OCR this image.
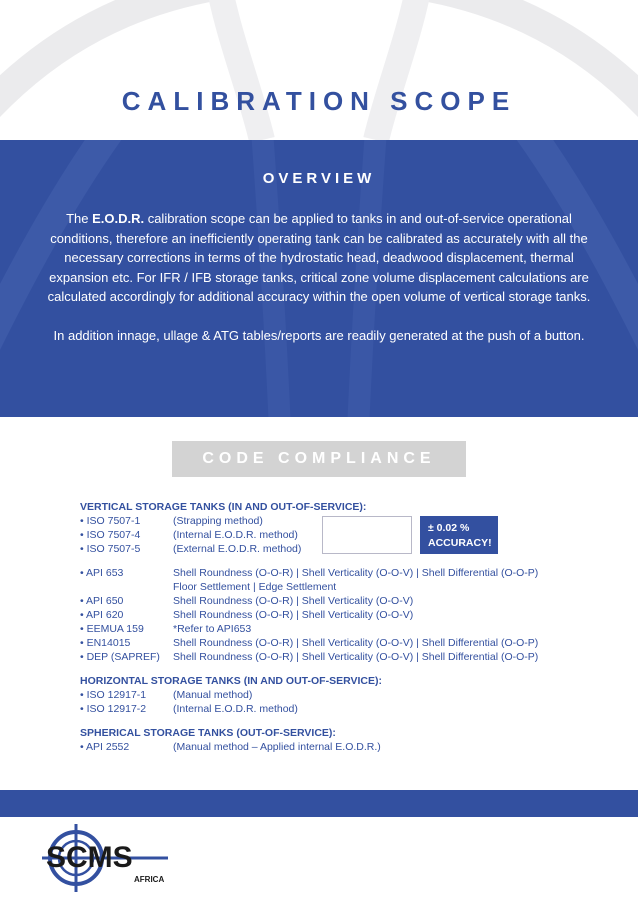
CALIBRATION SCOPE
OVERVIEW

The E.O.D.R. calibration scope can be applied to tanks in and out-of-service operational conditions, therefore an inefficiently operating tank can be calibrated as accurately with all the necessary corrections in terms of the hydrostatic head, deadwood displacement, thermal expansion etc. For IFR / IFB storage tanks, critical zone volume displacement calculations are calculated accordingly for additional accuracy within the open volume of vertical storage tanks.

In addition innage, ullage & ATG tables/reports are readily generated at the push of a button.

CODE COMPLIANCE
VERTICAL STORAGE TANKS (IN AND OUT-OF-SERVICE):
• ISO 7507-1	(Strapping method)
• ISO 7507-4	(Internal E.O.D.R. method)
• ISO 7507-5	(External E.O.D.R. method)
± 0.02 %
ACCURACY!
• API 653	Shell Roundness (O-O-R) | Shell Verticality (O-O-V) | Shell Differential (O-O-P)
Floor Settlement | Edge Settlement
• API 650	Shell Roundness (O-O-R) | Shell Verticality (O-O-V)
• API 620	Shell Roundness (O-O-R) | Shell Verticality (O-O-V)
• EEMUA 159	*Refer to API653
• EN14015	Shell Roundness (O-O-R) | Shell Verticality (O-O-V) | Shell Differential (O-O-P)
• DEP (SAPREF) Shell Roundness (O-O-R) | Shell Verticality (O-O-V) | Shell Differential (O-O-P)
HORIZONTAL STORAGE TANKS (IN AND OUT-OF-SERVICE):
• ISO 12917-1	(Manual method)
• ISO 12917-2	(Internal E.O.D.R. method)
SPHERICAL STORAGE TANKS (OUT-OF-SERVICE):
• API 2552	(Manual method – Applied internal E.O.D.R.)
SCMS
AFRICA
